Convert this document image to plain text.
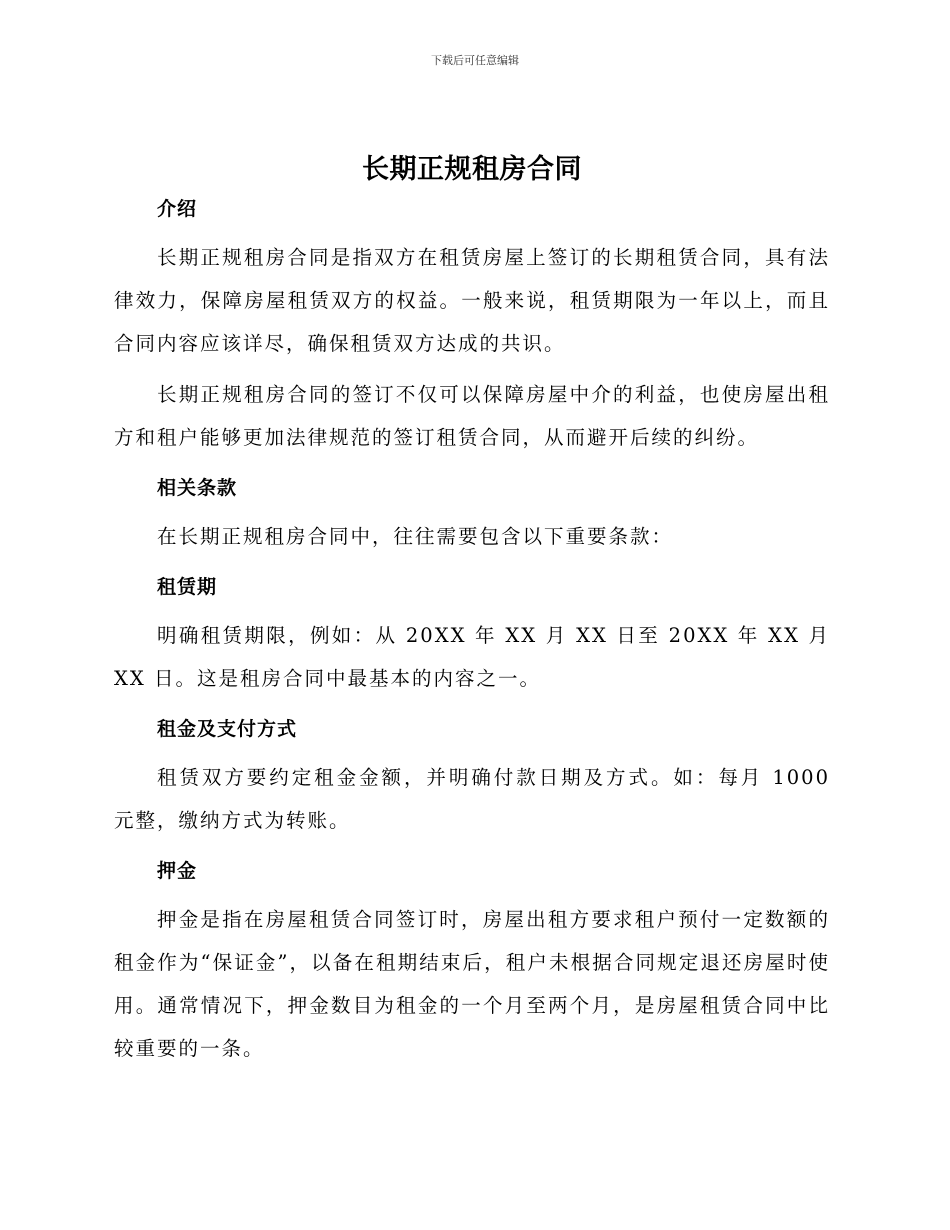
下载后可任意编辑
长期正规租房合同
介绍

长期正规租房合同是指双方在租赁房屋上签订的长期租赁合同，具有法律效力，保障房屋租赁双方的权益。一般来说，租赁期限为一年以上，而且合同内容应该详尽，确保租赁双方达成的共识。

长期正规租房合同的签订不仅可以保障房屋中介的利益，也使房屋出租方和租户能够更加法律规范的签订租赁合同，从而避开后续的纠纷。

相关条款

在长期正规租房合同中，往往需要包含以下重要条款：

租赁期

明确租赁期限，例如：从 20XX 年 XX 月 XX 日至 20XX 年 XX 月 XX 日。这是租房合同中最基本的内容之一。

租金及支付方式

租赁双方要约定租金金额，并明确付款日期及方式。如：每月 1000 元整，缴纳方式为转账。

押金

押金是指在房屋租赁合同签订时，房屋出租方要求租户预付一定数额的租金作为“保证金”，以备在租期结束后，租户未根据合同规定退还房屋时使用。通常情况下，押金数目为租金的一个月至两个月，是房屋租赁合同中比较重要的一条。
